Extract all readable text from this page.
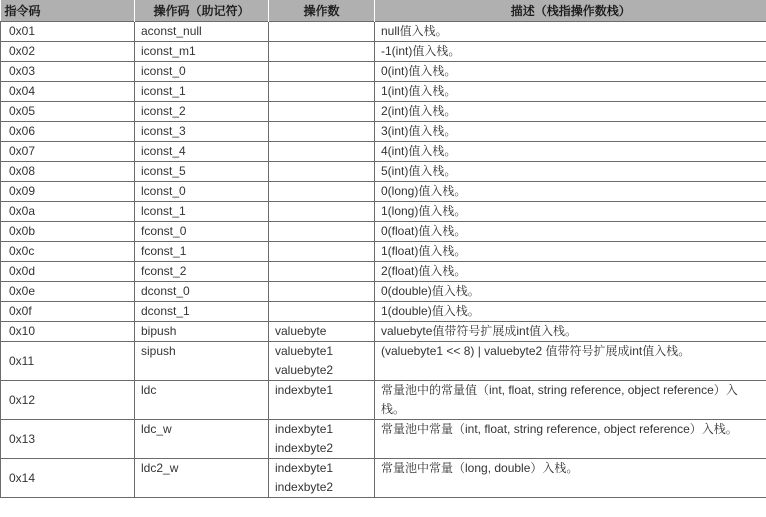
指令码	操作码（助记符）	操作数	描述（栈指操作数栈）
0x01	aconst_null		null值入栈。
0x02	iconst_m1		-1(int)值入栈。
0x03	iconst_0		0(int)值入栈。
0x04	iconst_1		1(int)值入栈。
0x05	iconst_2		2(int)值入栈。
0x06	iconst_3		3(int)值入栈。
0x07	iconst_4		4(int)值入栈。
0x08	iconst_5		5(int)值入栈。
0x09	lconst_0		0(long)值入栈。
0x0a	lconst_1		1(long)值入栈。
0x0b	fconst_0		0(float)值入栈。
0x0c	fconst_1		1(float)值入栈。
0x0d	fconst_2		2(float)值入栈。
0x0e	dconst_0		0(double)值入栈。
0x0f	dconst_1		1(double)值入栈。
0x10	bipush	valuebyte	valuebyte值带符号扩展成int值入栈。
0x11	sipush	valuebyte1
valuebyte2	(valuebyte1 << 8) | valuebyte2 值带符号扩展成int值入栈。
0x12	ldc	indexbyte1	常量池中的常量值（int, float, string reference, object reference）入栈。
0x13	ldc_w	indexbyte1
indexbyte2	常量池中常量（int, float, string reference, object reference）入栈。
0x14	ldc2_w	indexbyte1
indexbyte2	常量池中常量（long, double）入栈。
